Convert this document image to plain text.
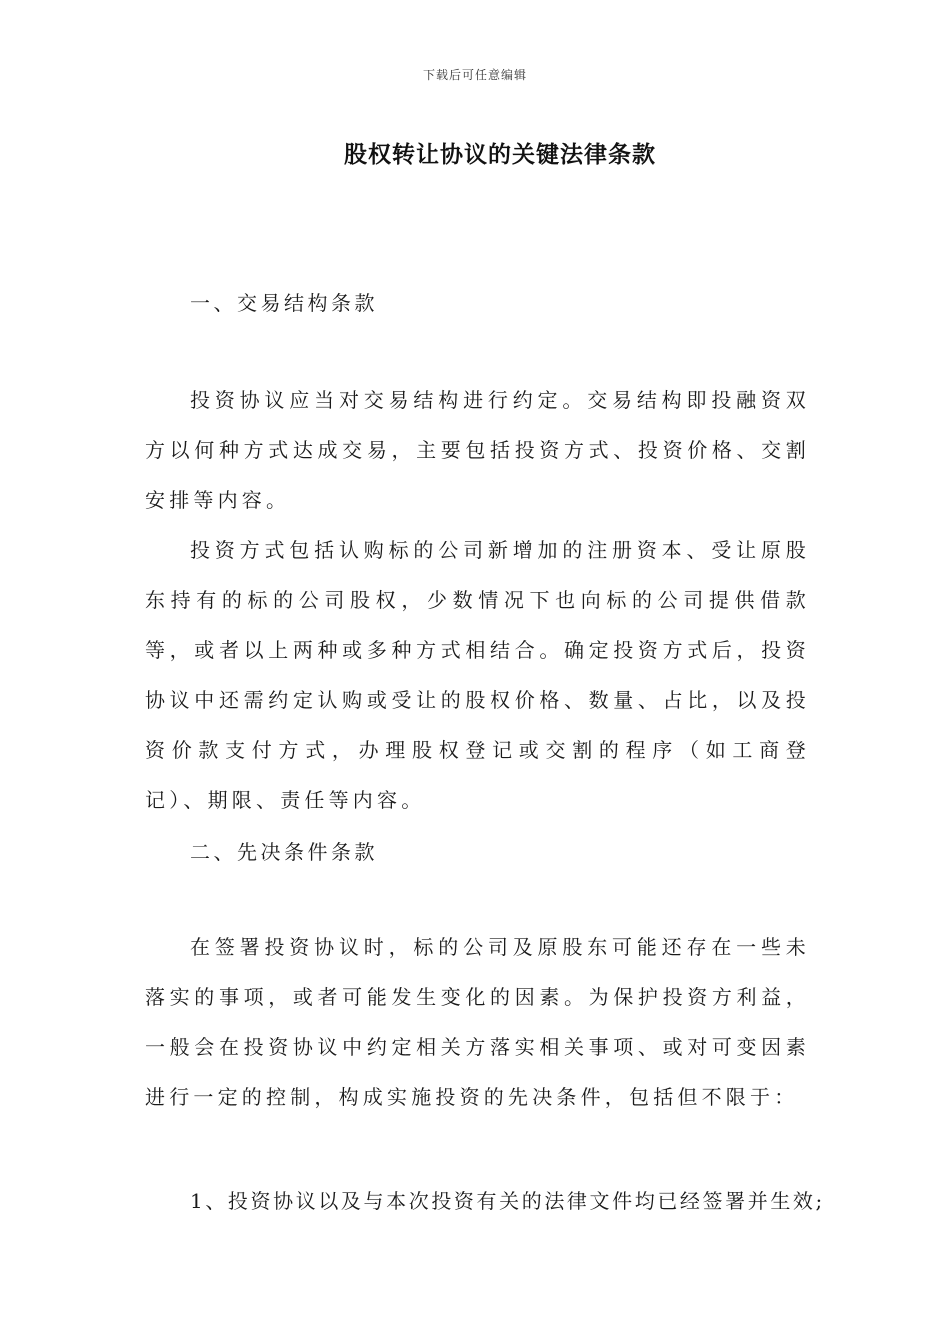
下载后可任意编辑
股权转让协议的关键法律条款
一、交易结构条款

投资协议应当对交易结构进行约定。交易结构即投融资双方以何种方式达成交易，主要包括投资方式、投资价格、交割安排等内容。

投资方式包括认购标的公司新增加的注册资本、受让原股东持有的标的公司股权，少数情况下也向标的公司提供借款等，或者以上两种或多种方式相结合。确定投资方式后，投资协议中还需约定认购或受让的股权价格、数量、占比，以及投资价款支付方式，办理股权登记或交割的程序（如工商登记）、期限、责任等内容。

二、先决条件条款

在签署投资协议时，标的公司及原股东可能还存在一些未落实的事项，或者可能发生变化的因素。为保护投资方利益，一般会在投资协议中约定相关方落实相关事项、或对可变因素进行一定的控制，构成实施投资的先决条件，包括但不限于：

1、投资协议以及与本次投资有关的法律文件均已经签署并生效;
